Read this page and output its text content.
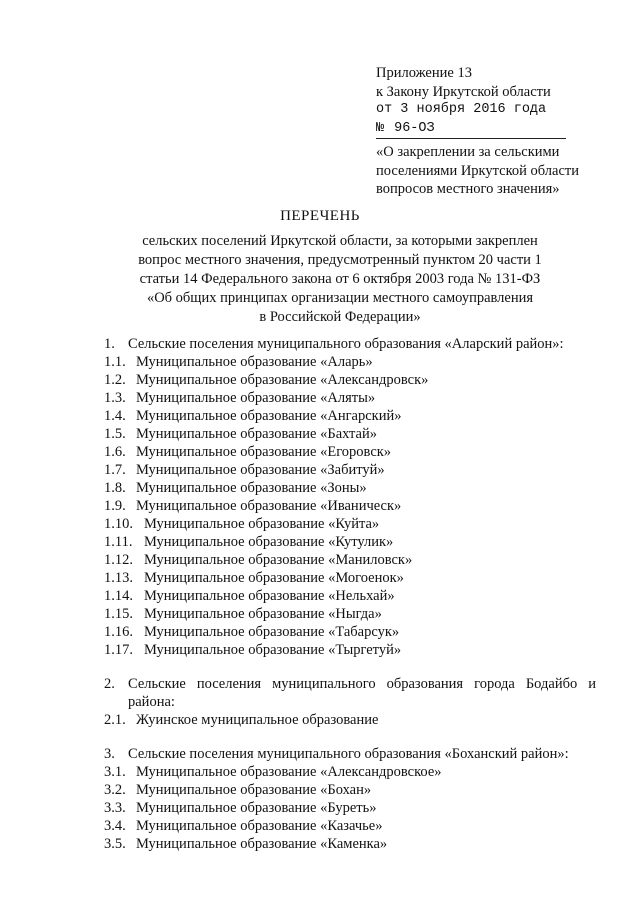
Приложение 13
к Закону Иркутской области
от 3 ноября 2016 года
№ 96-ОЗ
«О закреплении за сельскими
поселениями Иркутской области
вопросов местного значения»
ПЕРЕЧЕНЬ
сельских поселений Иркутской области, за которыми закреплен
вопрос местного значения, предусмотренный пунктом 20 части 1
статьи 14 Федерального закона от 6 октября 2003 года № 131-ФЗ
«Об общих принципах организации местного самоуправления
в Российской Федерации»
1. Сельские поселения муниципального образования «Аларский район»:
1.1. Муниципальное образование «Аларь»
1.2. Муниципальное образование «Александровск»
1.3. Муниципальное образование «Аляты»
1.4. Муниципальное образование «Ангарский»
1.5. Муниципальное образование «Бахтай»
1.6. Муниципальное образование «Егоровск»
1.7. Муниципальное образование «Забитуй»
1.8. Муниципальное образование «Зоны»
1.9. Муниципальное образование «Иваническ»
1.10. Муниципальное образование «Куйта»
1.11. Муниципальное образование «Кутулик»
1.12. Муниципальное образование «Маниловск»
1.13. Муниципальное образование «Могоенок»
1.14. Муниципальное образование «Нельхай»
1.15. Муниципальное образование «Ныгда»
1.16. Муниципальное образование «Табарсук»
1.17. Муниципальное образование «Тыргетуй»
2. Сельские поселения муниципального образования города Бодайбо и
района:
2.1. Жуинское муниципальное образование
3. Сельские поселения муниципального образования «Боханский район»:
3.1. Муниципальное образование «Александровское»
3.2. Муниципальное образование «Бохан»
3.3. Муниципальное образование «Буреть»
3.4. Муниципальное образование «Казачье»
3.5. Муниципальное образование «Каменка»
